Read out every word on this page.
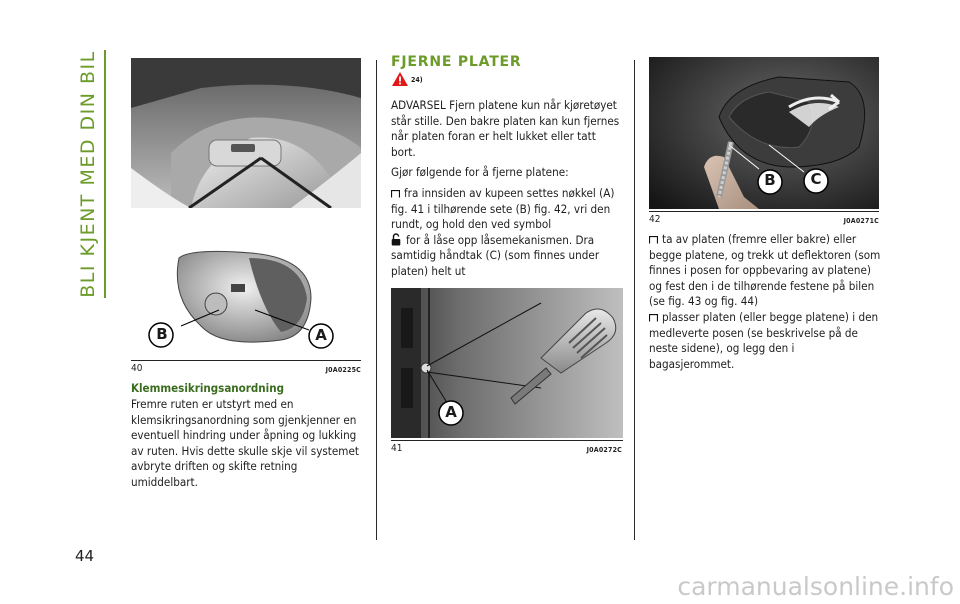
BLI KJENT MED DIN BIL
44
B	A
40	J0A0225C
Klemmesikringsanordning
Fremre ruten er utstyrt med en klemsikringsanordning som gjenkjenner en eventuell hindring under åpning og lukking av ruten. Hvis dette skulle skje vil systemet avbryte driften og skifte retning umiddelbart.
FJERNE PLATER
24)

ADVARSEL Fjern platene kun når kjøretøyet står stille. Den bakre platen kan kun fjernes når platen foran er helt lukket eller tatt bort.

Gjør følgende for å fjerne platene:

fra innsiden av kupeen settes nøkkel (A) fig. 41 i tilhørende sete (B) fig. 42, vri den rundt, og hold den ved symbol
for å låse opp låsemekanismen. Dra samtidig håndtak (C) (som finnes under platen) helt ut

A
41	J0A0272C
B C
42	J0A0271C

ta av platen (fremre eller bakre) eller begge platene, og trekk ut deflektoren (som finnes i posen for oppbevaring av platene) og fest den i de tilhørende festene på bilen (se fig. 43 og fig. 44)

plasser platen (eller begge platene) i den medleverte posen (se beskrivelse på de neste sidene), og legg den i bagasjerommet.

carmanualsonline.info
